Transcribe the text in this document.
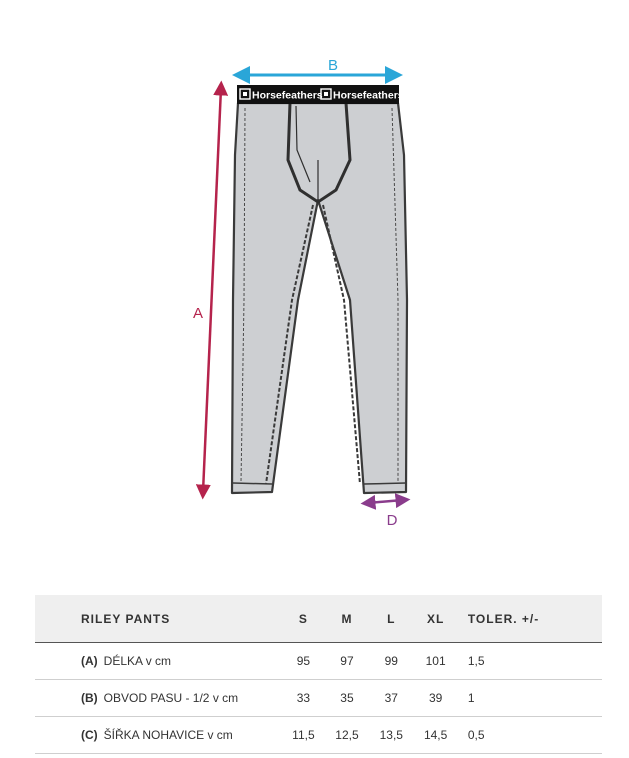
Horsefeathers Horsefeathers
B
A
D
RILEY PANTS	S	M	L	XL	TOLER. +/-
(A) DÉLKA v cm	95	97	99	101	1,5
(B) OBVOD PASU - 1/2 v cm	33	35	37	39	1
(C) ŠÍŘKA NOHAVICE v cm	11,5	12,5	13,5	14,5	0,5
